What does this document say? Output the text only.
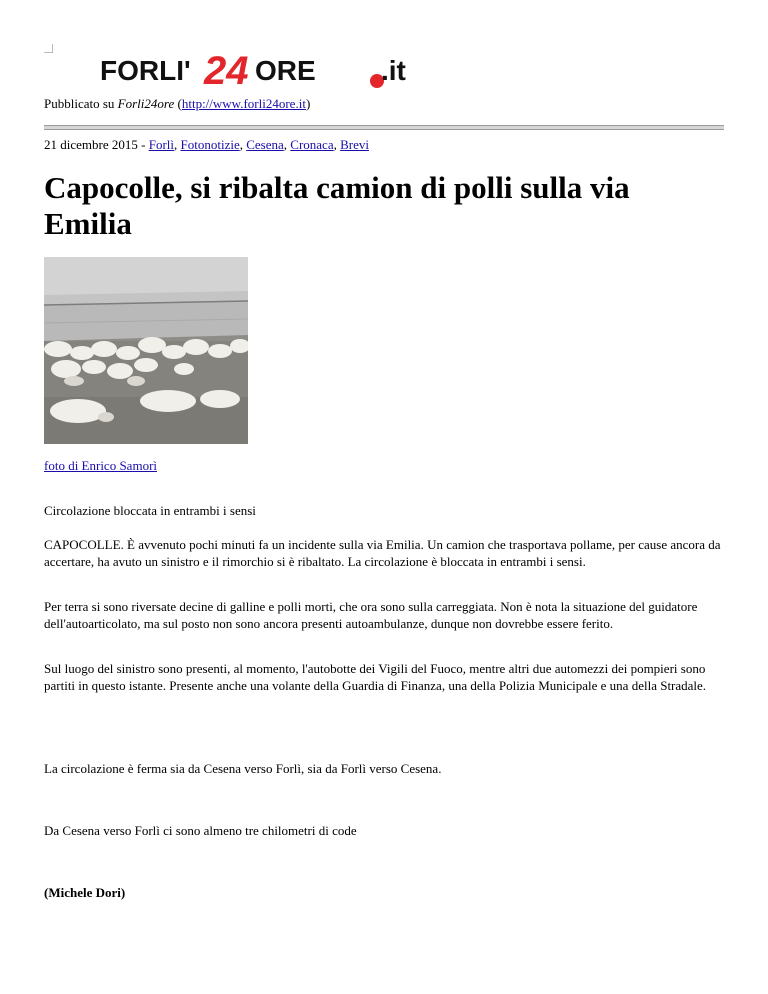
FORLI' 24 ORE .it
Pubblicato su Forli24ore (http://www.forli24ore.it)
21 dicembre 2015 - Forlì, Fotonotizie, Cesena, Cronaca, Brevi
Capocolle, si ribalta camion di polli sulla via Emilia
foto di Enrico Samorì

Circolazione bloccata in entrambi i sensi

CAPOCOLLE. È avvenuto pochi minuti fa un incidente sulla via Emilia. Un camion che trasportava pollame, per cause ancora da accertare, ha avuto un sinistro e il rimorchio si è ribaltato. La circolazione è bloccata in entrambi i sensi.

Per terra si sono riversate decine di galline e polli morti, che ora sono sulla carreggiata. Non è nota la situazione del guidatore dell'autoarticolato, ma sul posto non sono ancora presenti autoambulanze, dunque non dovrebbe essere ferito.

Sul luogo del sinistro sono presenti, al momento, l'autobotte dei Vigili del Fuoco, mentre altri due automezzi dei pompieri sono partiti in questo istante. Presente anche una volante della Guardia di Finanza, una della Polizia Municipale e una della Stradale.

La circolazione è ferma sia da Cesena verso Forlì, sia da Forlì verso Cesena.

Da Cesena verso Forlì ci sono almeno tre chilometri di code

(Michele Dori)
